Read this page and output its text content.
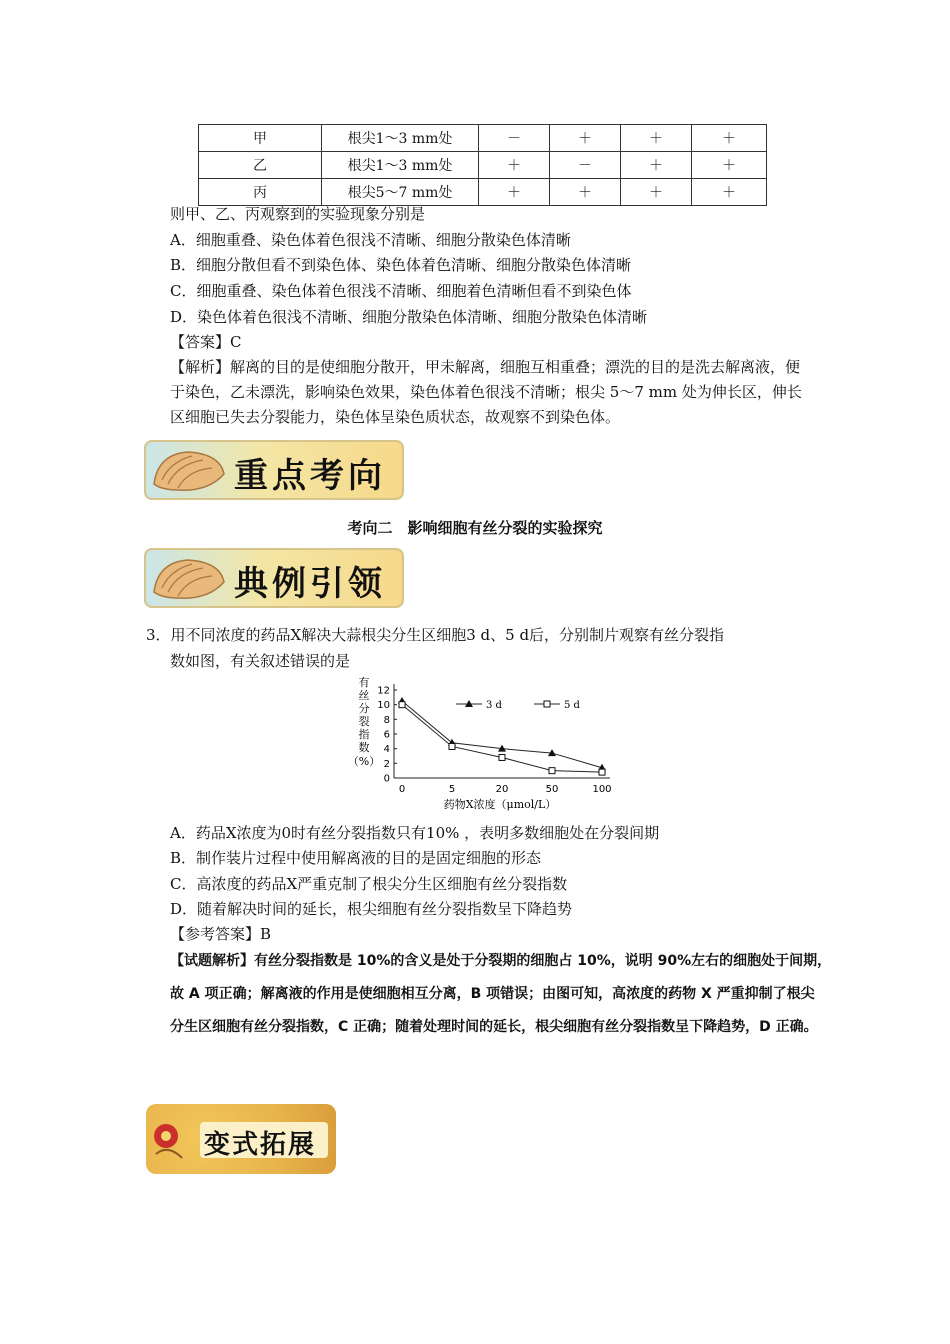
甲	根尖1～3 mm处	－	＋	＋	＋
乙	根尖1～3 mm处	＋	－	＋	＋
丙	根尖5～7 mm处	＋	＋	＋	＋
则甲、乙、丙观察到的实验现象分别是
A．细胞重叠、染色体着色很浅不清晰、细胞分散染色体清晰
B．细胞分散但看不到染色体、染色体着色清晰、细胞分散染色体清晰
C．细胞重叠、染色体着色很浅不清晰、细胞着色清晰但看不到染色体
D．染色体着色很浅不清晰、细胞分散染色体清晰、细胞分散染色体清晰
【答案】C
【解析】解离的目的是使细胞分散开，甲未解离，细胞互相重叠；漂洗的目的是洗去解离液，便于染色，乙未漂洗，影响染色效果，染色体着色很浅不清晰；根尖 5～7 mm 处为伸长区，伸长区细胞已失去分裂能力，染色体呈染色质状态，故观察不到染色体。
重点考向
考向二　影响细胞有丝分裂的实验探究
典例引领
3．用不同浓度的药品X解决大蒜根尖分生区细胞3 d、5 d后，分别制片观察有丝分裂指
数如图，有关叙述错误的是
0
2
4
6
8
10
12
0	5	20	50	100
有丝分裂指数（%）
药物X浓度（μmol/L）
3 d	5 d
A．药品X浓度为0时有丝分裂指数只有10% ，表明多数细胞处在分裂间期
B．制作装片过程中使用解离液的目的是固定细胞的形态
C．高浓度的药品X严重克制了根尖分生区细胞有丝分裂指数
D．随着解决时间的延长，根尖细胞有丝分裂指数呈下降趋势
【参考答案】B
【试题解析】有丝分裂指数是 10%的含义是处于分裂期的细胞占 10%，说明 90%左右的细胞处于间期，
故 A 项正确；解离液的作用是使细胞相互分离，B 项错误；由图可知，高浓度的药物 X 严重抑制了根尖
分生区细胞有丝分裂指数，C 正确；随着处理时间的延长，根尖细胞有丝分裂指数呈下降趋势，D 正确。
变式拓展
